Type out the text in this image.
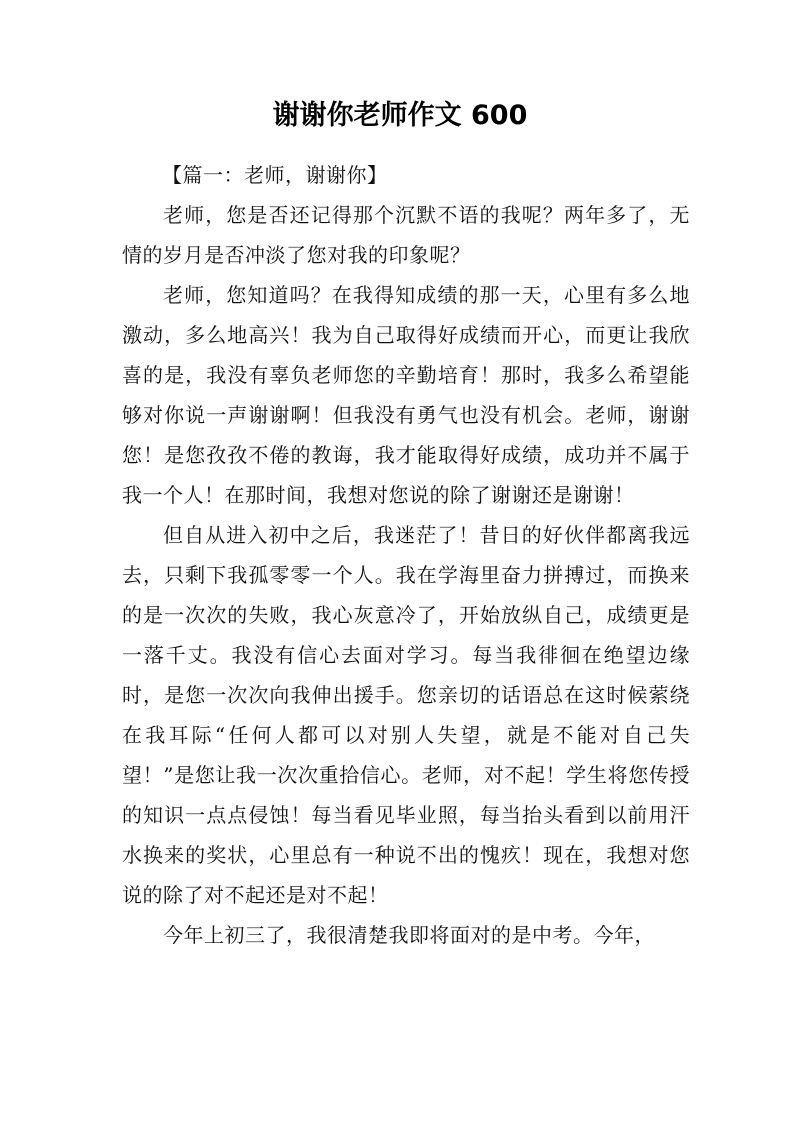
谢谢你老师作文 600

【篇一：老师，谢谢你】

老师，您是否还记得那个沉默不语的我呢？两年多了，无情的岁月是否冲淡了您对我的印象呢？

老师，您知道吗？在我得知成绩的那一天，心里有多么地激动，多么地高兴！我为自己取得好成绩而开心，而更让我欣喜的是，我没有辜负老师您的辛勤培育！那时，我多么希望能够对你说一声谢谢啊！但我没有勇气也没有机会。老师，谢谢您！是您孜孜不倦的教诲，我才能取得好成绩，成功并不属于我一个人！在那时间，我想对您说的除了谢谢还是谢谢！

但自从进入初中之后，我迷茫了！昔日的好伙伴都离我远去，只剩下我孤零零一个人。我在学海里奋力拼搏过，而换来的是一次次的失败，我心灰意冷了，开始放纵自己，成绩更是一落千丈。我没有信心去面对学习。每当我徘徊在绝望边缘时，是您一次次向我伸出援手。您亲切的话语总在这时候萦绕在我耳际“任何人都可以对别人失望，就是不能对自己失望！”是您让我一次次重拾信心。老师，对不起！学生将您传授的知识一点点侵蚀！每当看见毕业照，每当抬头看到以前用汗水换来的奖状，心里总有一种说不出的愧疚！现在，我想对您说的除了对不起还是对不起！

今年上初三了，我很清楚我即将面对的是中考。今年，
